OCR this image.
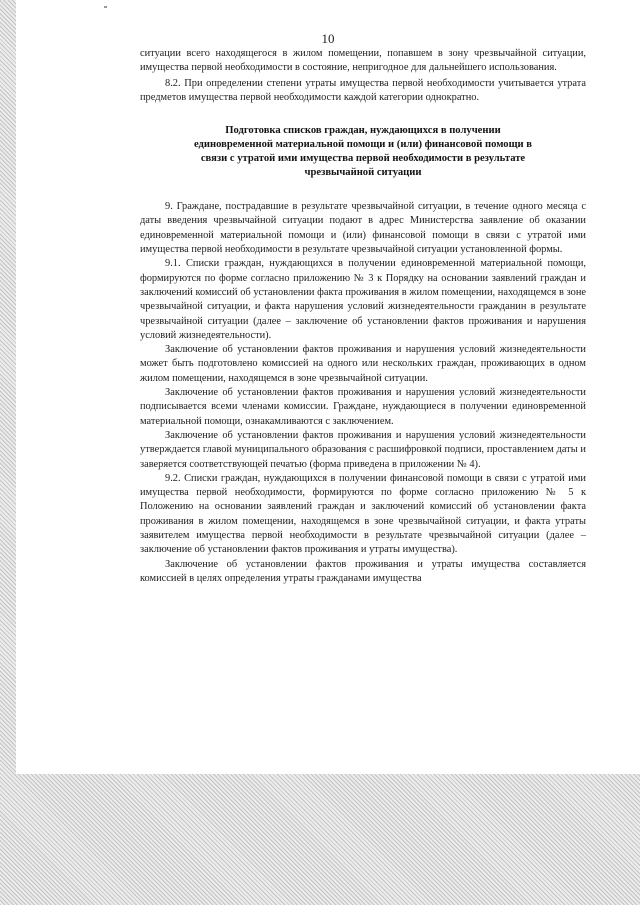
10

ситуации всего находящегося в жилом помещении, попавшем в зону чрезвычайной ситуации, имущества первой необходимости в состояние, непригодное для дальнейшего использования.

8.2. При определении степени утраты имущества первой необходимости учитывается утрата предметов имущества первой необходимости каждой категории однократно.

Подготовка списков граждан, нуждающихся в получении
единовременной материальной помощи и (или) финансовой помощи в
связи с утратой ими имущества первой необходимости в результате
чрезвычайной ситуации

9. Граждане, пострадавшие в результате чрезвычайной ситуации, в течение одного месяца с даты введения чрезвычайной ситуации подают в адрес Министерства заявление об оказании единовременной материальной помощи и (или) финансовой помощи в связи с утратой ими имущества первой необходимости в результате чрезвычайной ситуации установленной формы.

9.1. Списки граждан, нуждающихся в получении единовременной материальной помощи, формируются по форме согласно приложению № 3 к Порядку на основании заявлений граждан и заключений комиссий об установлении факта проживания в жилом помещении, находящемся в зоне чрезвычайной ситуации, и факта нарушения условий жизнедеятельности гражданин в результате чрезвычайной ситуации (далее – заключение об установлении фактов проживания и нарушения условий жизнедеятельности).

Заключение об установлении фактов проживания и нарушения условий жизнедеятельности может быть подготовлено комиссией на одного или нескольких граждан, проживающих в одном жилом помещении, находящемся в зоне чрезвычайной ситуации.

Заключение об установлении фактов проживания и нарушения условий жизнедеятельности подписывается всеми членами комиссии. Граждане, нуждающиеся в получении единовременной материальной помощи, ознакамливаются с заключением.

Заключение об установлении фактов проживания и нарушения условий жизнедеятельности утверждается главой муниципального образования с расшифровкой подписи, проставлением даты и заверяется соответствующей печатью (форма приведена в приложении № 4).

9.2. Списки граждан, нуждающихся в получении финансовой помощи в связи с утратой ими имущества первой необходимости, формируются по форме согласно приложению № 5 к Положению на основании заявлений граждан и заключений комиссий об установлении факта проживания в жилом помещении, находящемся в зоне чрезвычайной ситуации, и факта утраты заявителем имущества первой необходимости в результате чрезвычайной ситуации (далее – заключение об установлении фактов проживания и утраты имущества).

Заключение об установлении фактов проживания и утраты имущества составляется комиссией в целях определения утраты гражданами имущества
